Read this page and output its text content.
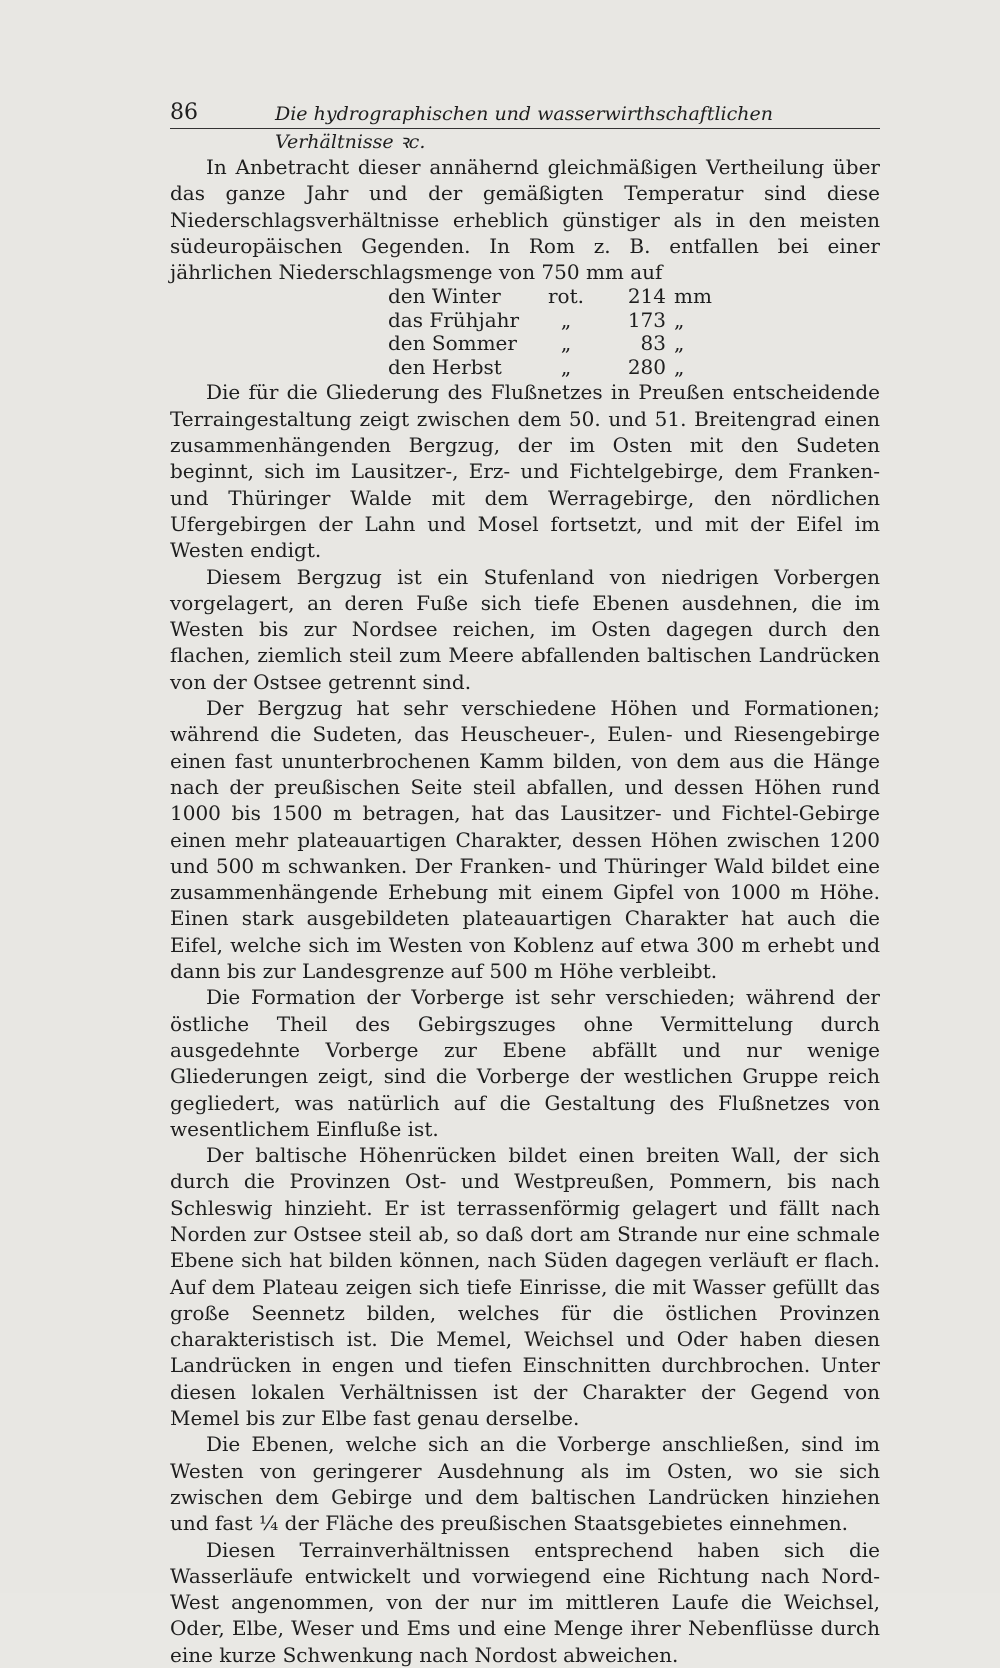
86	Die hydrographischen und wasserwirthschaftlichen Verhältnisse ꝛc.

In Anbetracht dieser annähernd gleichmäßigen Vertheilung über das ganze Jahr und der gemäßigten Temperatur sind diese Niederschlagsverhältnisse erheblich günstiger als in den meisten südeuropäischen Gegenden. In Rom z. B. entfallen bei einer jährlichen Niederschlagsmenge von 750 mm auf

den Winter	rot.	214	mm
das Frühjahr	„	173	„
den Sommer	„	83	„
den Herbst	„	280	„

Die für die Gliederung des Flußnetzes in Preußen entscheidende Terraingestaltung zeigt zwischen dem 50. und 51. Breitengrad einen zusammenhängenden Bergzug, der im Osten mit den Sudeten beginnt, sich im Lausitzer-, Erz- und Fichtelgebirge, dem Franken- und Thüringer Walde mit dem Werragebirge, den nördlichen Ufergebirgen der Lahn und Mosel fortsetzt, und mit der Eifel im Westen endigt.

Diesem Bergzug ist ein Stufenland von niedrigen Vorbergen vorgelagert, an deren Fuße sich tiefe Ebenen ausdehnen, die im Westen bis zur Nordsee reichen, im Osten dagegen durch den flachen, ziemlich steil zum Meere abfallenden baltischen Landrücken von der Ostsee getrennt sind.

Der Bergzug hat sehr verschiedene Höhen und Formationen; während die Sudeten, das Heuscheuer-, Eulen- und Riesengebirge einen fast ununterbrochenen Kamm bilden, von dem aus die Hänge nach der preußischen Seite steil abfallen, und dessen Höhen rund 1000 bis 1500 m betragen, hat das Lausitzer- und Fichtel-Gebirge einen mehr plateauartigen Charakter, dessen Höhen zwischen 1200 und 500 m schwanken. Der Franken- und Thüringer Wald bildet eine zusammenhängende Erhebung mit einem Gipfel von 1000 m Höhe. Einen stark ausgebildeten plateauartigen Charakter hat auch die Eifel, welche sich im Westen von Koblenz auf etwa 300 m erhebt und dann bis zur Landesgrenze auf 500 m Höhe verbleibt.

Die Formation der Vorberge ist sehr verschieden; während der östliche Theil des Gebirgszuges ohne Vermittelung durch ausgedehnte Vorberge zur Ebene abfällt und nur wenige Gliederungen zeigt, sind die Vorberge der westlichen Gruppe reich gegliedert, was natürlich auf die Gestaltung des Flußnetzes von wesentlichem Einfluße ist.

Der baltische Höhenrücken bildet einen breiten Wall, der sich durch die Provinzen Ost- und Westpreußen, Pommern, bis nach Schleswig hinzieht. Er ist terrassenförmig gelagert und fällt nach Norden zur Ostsee steil ab, so daß dort am Strande nur eine schmale Ebene sich hat bilden können, nach Süden dagegen verläuft er flach. Auf dem Plateau zeigen sich tiefe Einrisse, die mit Wasser gefüllt das große Seennetz bilden, welches für die östlichen Provinzen charakteristisch ist. Die Memel, Weichsel und Oder haben diesen Landrücken in engen und tiefen Einschnitten durchbrochen. Unter diesen lokalen Verhältnissen ist der Charakter der Gegend von Memel bis zur Elbe fast genau derselbe.

Die Ebenen, welche sich an die Vorberge anschließen, sind im Westen von geringerer Ausdehnung als im Osten, wo sie sich zwischen dem Gebirge und dem baltischen Landrücken hinziehen und fast ¼ der Fläche des preußischen Staatsgebietes einnehmen.

Diesen Terrainverhältnissen entsprechend haben sich die Wasserläufe entwickelt und vorwiegend eine Richtung nach Nord-West angenommen, von der nur im mittleren Laufe die Weichsel, Oder, Elbe, Weser und Ems und eine Menge ihrer Nebenflüsse durch eine kurze Schwenkung nach Nordost abweichen.
